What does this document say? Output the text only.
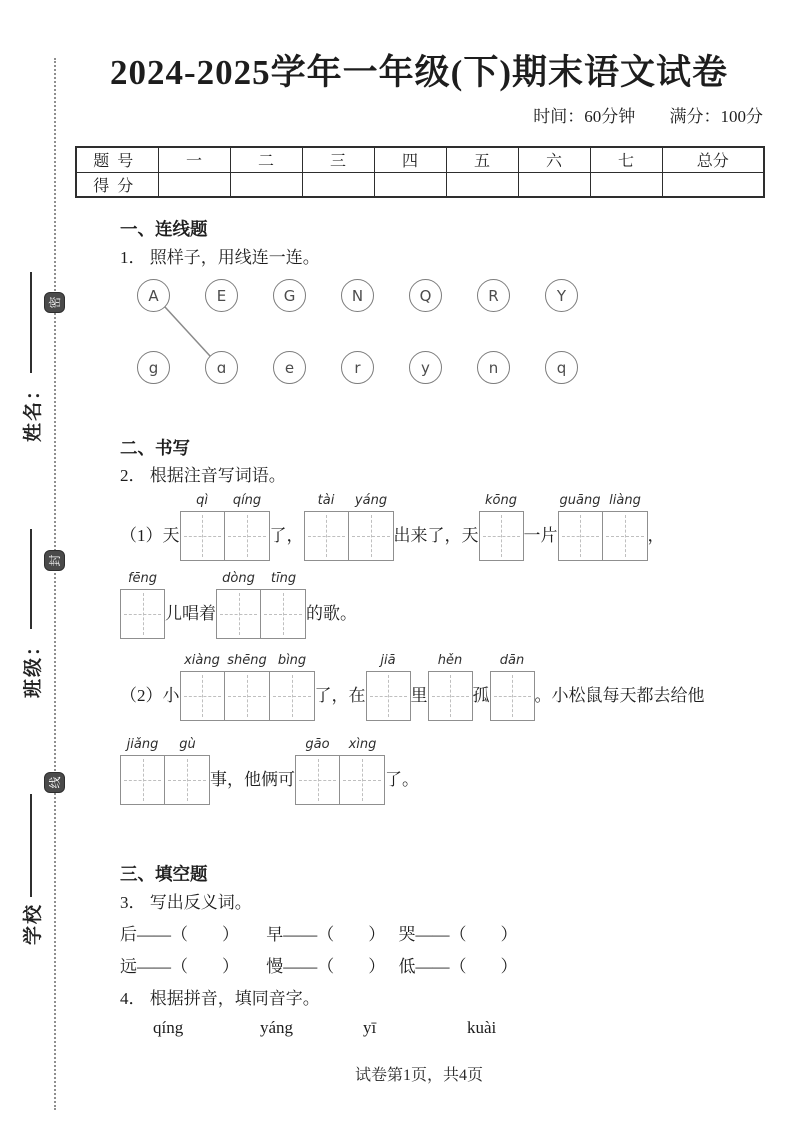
密
封
线
姓名：
班级：
学校
2024-2025学年一年级(下)期末语文试卷
时间：60分钟 满分：100分
题号	一	二	三	四	五	六	七	总分
得分								
一、连线题
1． 照样子，用线连一连。
A	E	G	N	Q	R	Y
g	ɑ	e	r	y	n	q
二、书写
2． 根据注音写词语。
（1）天
qì qíng
了，
tài yáng
出来了，天
kōng
一片
guāng liàng
，
fēng
儿唱着
dòng tīng
的歌。
（2）小
xiàng shēng bìng
了，在
jiā
里
hěn
孤
dān
。小松鼠每天都去给他
jiǎng gù
事，他俩可
gāo xìng
了。
三、填空题
3． 写出反义词。
后——（　　） 早——（　　） 哭——（　　）
远——（　　） 慢——（　　） 低——（　　）
4． 根据拼音，填同音字。
qíng	yáng	yī	kuài
试卷第1页，共4页
